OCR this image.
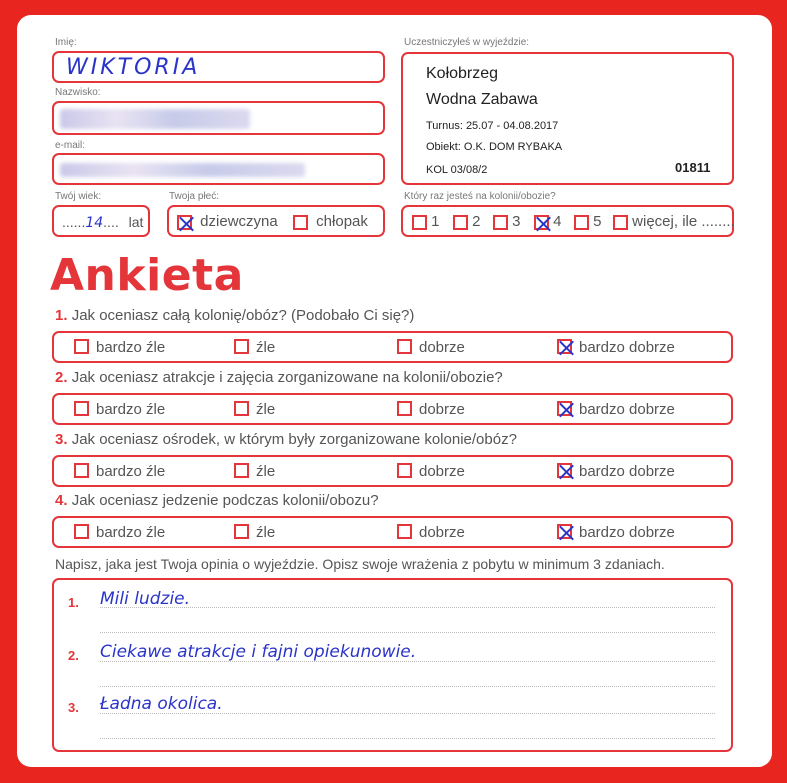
Imię:
WIKTORIA
Nazwisko:
e-mail:
Twój wiek:
......14.... lat
Twoja płeć:
dziewczyna	chłopak
Uczestniczyłeś w wyjeździe:
Kołobrzeg
Wodna Zabawa
Turnus: 25.07 - 04.08.2017
Obiekt: O.K. DOM RYBAKA
KOL 03/08/2	01811
Który raz jesteś na kolonii/obozie?
1	2	3	4	5	więcej, ile ........
Ankieta
1. Jak oceniasz całą kolonię/obóz? (Podobało Ci się?)
bardzo źle	źle	dobrze	bardzo dobrze
2. Jak oceniasz atrakcje i zajęcia zorganizowane na kolonii/obozie?
bardzo źle	źle	dobrze	bardzo dobrze
3. Jak oceniasz ośrodek, w którym były zorganizowane kolonie/obóz?
bardzo źle	źle	dobrze	bardzo dobrze
4. Jak oceniasz jedzenie podczas kolonii/obozu?
bardzo źle	źle	dobrze	bardzo dobrze
Napisz, jaka jest Twoja opinia o wyjeździe. Opisz swoje wrażenia z pobytu w minimum 3 zdaniach.
1. Mili ludzie.
2. Ciekawe atrakcje i fajni opiekunowie.
3. Ładna okolica.
